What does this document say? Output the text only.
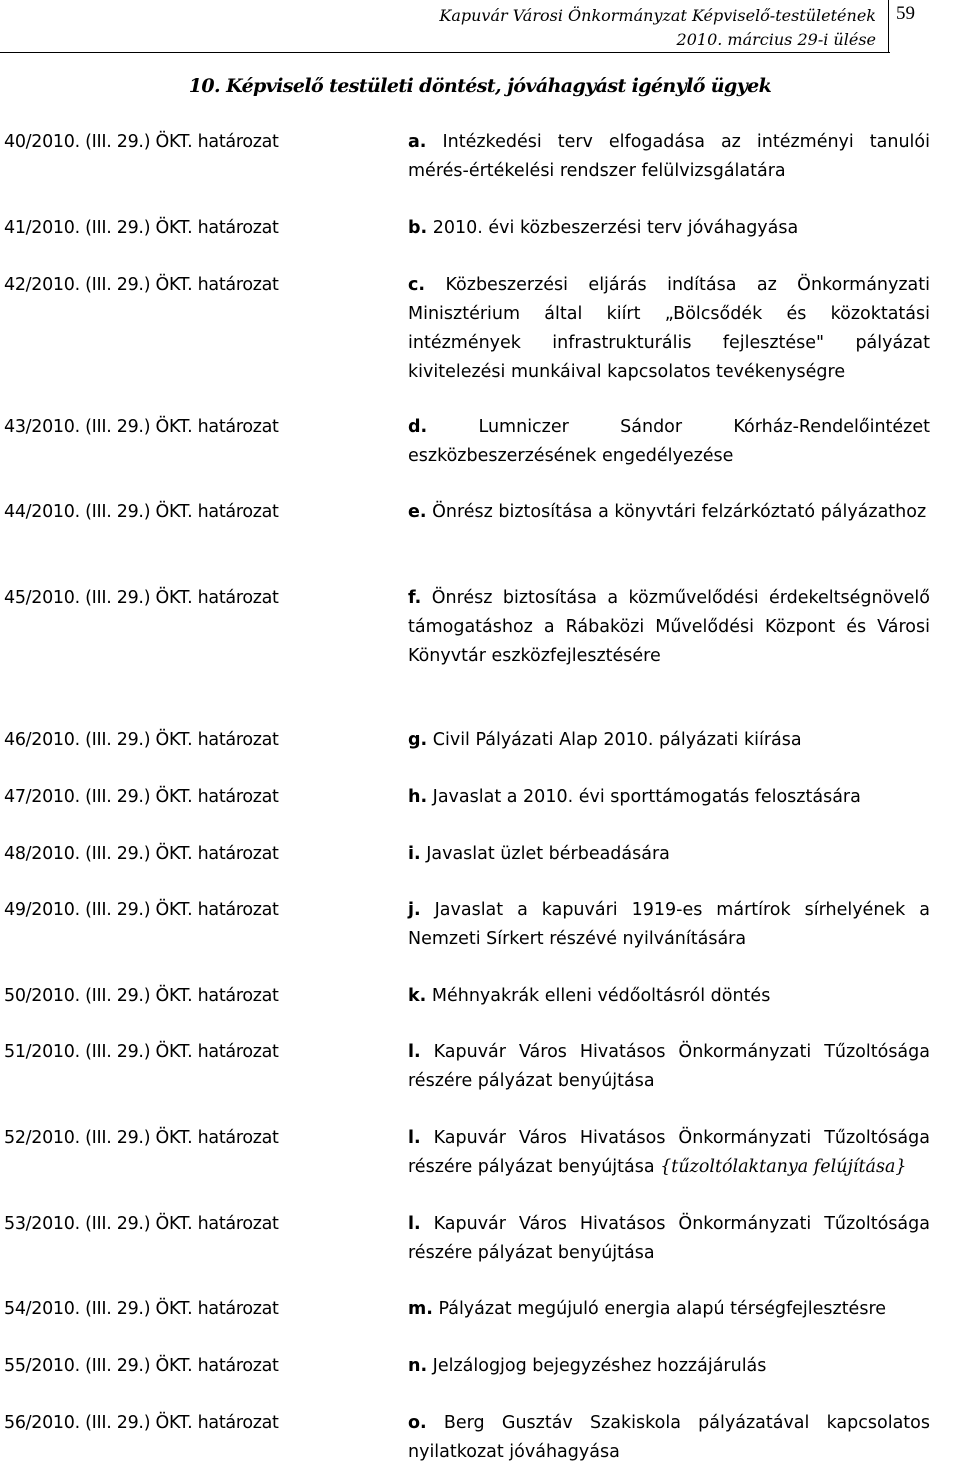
Kapuvár Városi Önkormányzat Képviselő-testületének
2010. március 29-i ülése
59
10. Képviselő testületi döntést, jóváhagyást igénylő ügyek
40/2010. (III. 29.) ÖKT. határozat	a. Intézkedési terv elfogadása az intézményi tanulói mérés-értékelési rendszer felülvizsgálatára
41/2010. (III. 29.) ÖKT. határozat	b. 2010. évi közbeszerzési terv jóváhagyása
42/2010. (III. 29.) ÖKT. határozat	c. Közbeszerzési eljárás indítása az Önkormányzati Minisztérium által kiírt „Bölcsődék és közoktatási intézmények infrastrukturális fejlesztése" pályázat kivitelezési munkáival kapcsolatos tevékenységre
43/2010. (III. 29.) ÖKT. határozat	d. Lumniczer Sándor Kórház-Rendelőintézet eszközbeszerzésének engedélyezése
44/2010. (III. 29.) ÖKT. határozat	e. Önrész biztosítása a könyvtári felzárkóztató pályázathoz
45/2010. (III. 29.) ÖKT. határozat	f. Önrész biztosítása a közművelődési érdekeltségnövelő támogatáshoz a Rábaközi Művelődési Központ és Városi Könyvtár eszközfejlesztésére
46/2010. (III. 29.) ÖKT. határozat	g. Civil Pályázati Alap 2010. pályázati kiírása
47/2010. (III. 29.) ÖKT. határozat	h. Javaslat a 2010. évi sporttámogatás felosztására
48/2010. (III. 29.) ÖKT. határozat	i. Javaslat üzlet bérbeadására
49/2010. (III. 29.) ÖKT. határozat	j. Javaslat a kapuvári 1919-es mártírok sírhelyének a Nemzeti Sírkert részévé nyilvánítására
50/2010. (III. 29.) ÖKT. határozat	k. Méhnyakrák elleni védőoltásról döntés
51/2010. (III. 29.) ÖKT. határozat	l. Kapuvár Város Hivatásos Önkormányzati Tűzoltósága részére pályázat benyújtása
52/2010. (III. 29.) ÖKT. határozat	l. Kapuvár Város Hivatásos Önkormányzati Tűzoltósága részére pályázat benyújtása {tűzoltólaktanya felújítása}
53/2010. (III. 29.) ÖKT. határozat	l. Kapuvár Város Hivatásos Önkormányzati Tűzoltósága részére pályázat benyújtása
54/2010. (III. 29.) ÖKT. határozat	m. Pályázat megújuló energia alapú térségfejlesztésre
55/2010. (III. 29.) ÖKT. határozat	n. Jelzálogjog bejegyzéshez hozzájárulás
56/2010. (III. 29.) ÖKT. határozat	o. Berg Gusztáv Szakiskola pályázatával kapcsolatos nyilatkozat jóváhagyása
